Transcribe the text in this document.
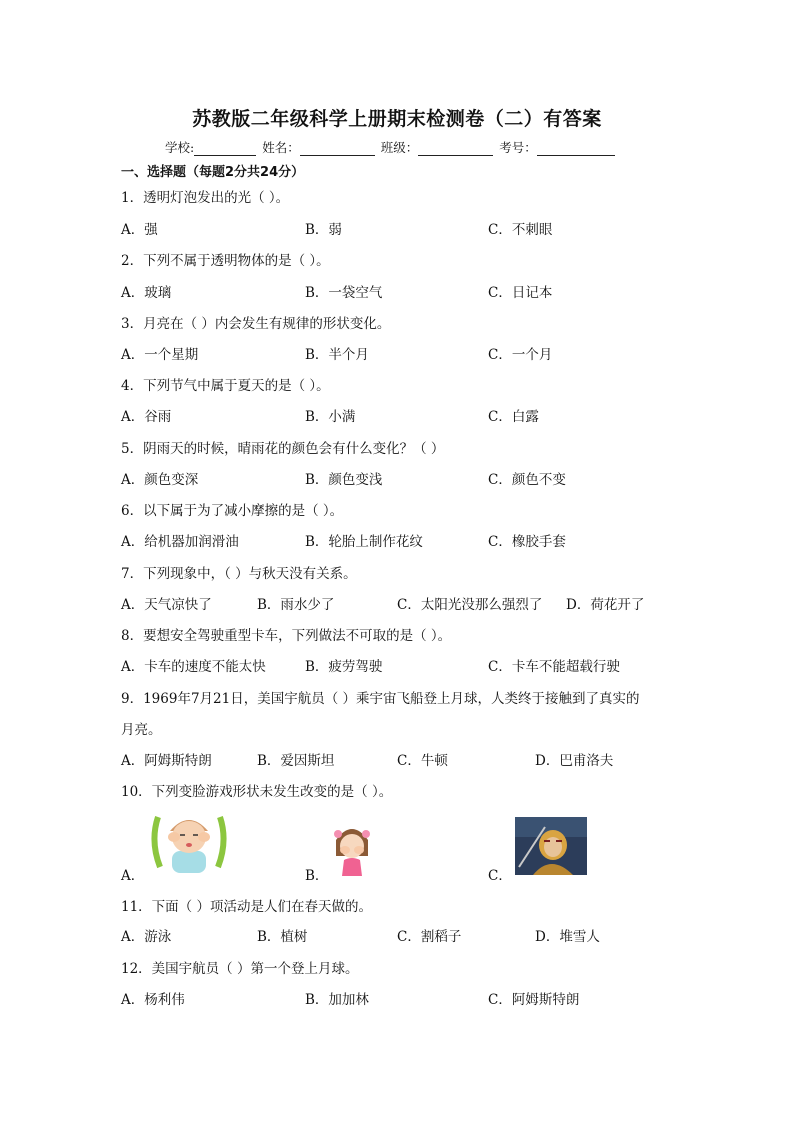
苏教版二年级科学上册期末检测卷（二）有答案
学校:	姓名：	班级：	考号：
一、选择题（每题2分共24分）
1．透明灯泡发出的光（ ）。
A．强	B．弱	C．不刺眼
2．下列不属于透明物体的是（ ）。
A．玻璃	B．一袋空气	C．日记本
3．月亮在（ ）内会发生有规律的形状变化。
A．一个星期	B．半个月	C．一个月
4．下列节气中属于夏天的是（ ）。
A．谷雨	B．小满	C．白露
5．阴雨天的时候，晴雨花的颜色会有什么变化？（ ）
A．颜色变深	B．颜色变浅	C．颜色不变
6．以下属于为了减小摩擦的是（ ）。
A．给机器加润滑油	B．轮胎上制作花纹	C．橡胶手套
7．下列现象中，（ ）与秋天没有关系。
A．天气凉快了	B．雨水少了	C．太阳光没那么强烈了 D．荷花开了
8．要想安全驾驶重型卡车，下列做法不可取的是（ ）。
A．卡车的速度不能太快	B．疲劳驾驶	C．卡车不能超载行驶
9．1969年7月21日，美国宇航员（ ）乘宇宙飞船登上月球，人类终于接触到了真实的
月亮。
A．阿姆斯特朗	B．爱因斯坦	C．牛顿	D．巴甫洛夫
10．下列变脸游戏形状未发生改变的是（ ）。
A．	B．	C．
11．下面（ ）项活动是人们在春天做的。
A．游泳	B．植树	C．割稻子	D．堆雪人
12．美国宇航员（ ）第一个登上月球。
A．杨利伟	B．加加林	C．阿姆斯特朗
